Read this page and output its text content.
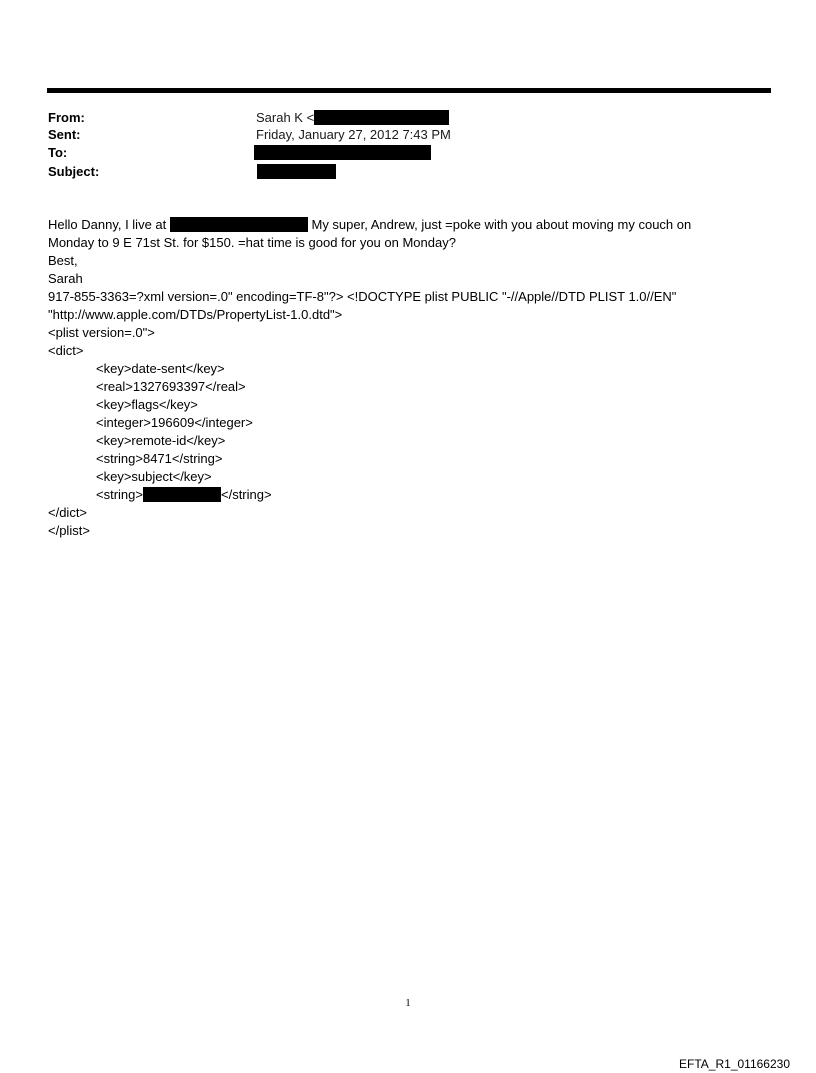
From:	Sarah K <
Sent:	Friday, January 27, 2012 7:43 PM
To:
Subject:
Hello Danny, I live at	My super, Andrew, just =poke with you about moving my couch on
Monday to 9 E 71st St. for $150. =hat time is good for you on Monday?
Best,
Sarah
917-855-3363=?xml version=.0" encoding=TF-8"?> <!DOCTYPE plist PUBLIC "-//Apple//DTD PLIST 1.0//EN"
"http://www.apple.com/DTDs/PropertyList-1.0.dtd">
<plist version=.0">
<dict>
<key>date-sent</key>
<real>1327693397</real>
<key>flags</key>
<integer>196609</integer>
<key>remote-id</key>
<string>8471</string>
<key>subject</key>
<string>	</string>
</dict>
</plist>
1
EFTA_R1_01166230
